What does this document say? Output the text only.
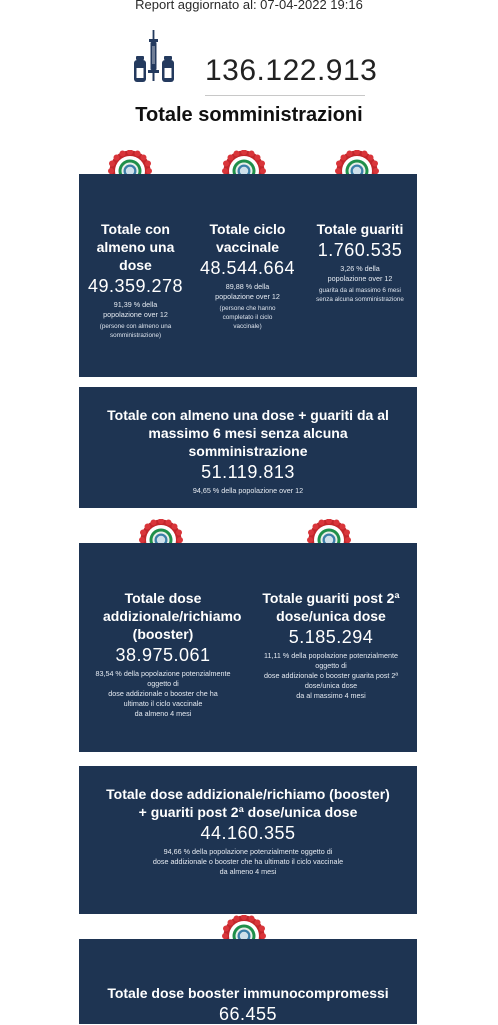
Report aggiornato al: 07-04-2022 19:16
136.122.913
Totale somministrazioni
Totale con almeno una dose
49.359.278
91,39 % della popolazione over 12
(persone con almeno una somministrazione)
Totale ciclo vaccinale
48.544.664
89,88 % della popolazione over 12
(persone che hanno completato il ciclo vaccinale)
Totale guariti
1.760.535
3,26 % della popolazione over 12
guarita da al massimo 6 mesi senza alcuna somministrazione
Totale con almeno una dose + guariti da al massimo 6 mesi senza alcuna somministrazione
51.119.813
94,65 % della popolazione over 12
Totale dose addizionale/richiamo (booster)
38.975.061
83,54 % della popolazione potenzialmente
oggetto di
dose addizionale o booster che ha
ultimato il ciclo vaccinale
da almeno 4 mesi
Totale guariti post 2ª dose/unica dose
5.185.294
11,11 % della popolazione potenzialmente
oggetto di
dose addizionale o booster guarita post 2ª
dose/unica dose
da al massimo 4 mesi
Totale dose addizionale/richiamo (booster) + guariti post 2ª dose/unica dose
44.160.355
94,66 % della popolazione potenzialmente oggetto di
dose addizionale o booster che ha ultimato il ciclo vaccinale
da almeno 4 mesi
Totale dose booster immunocompromessi
66.455
